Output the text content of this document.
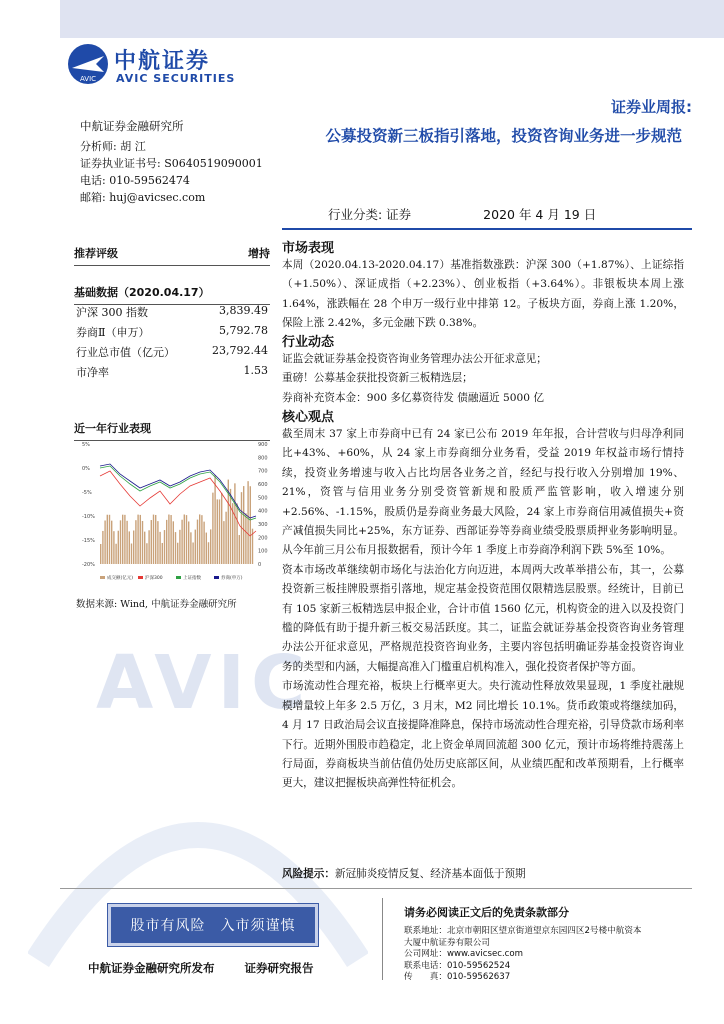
AVIC
AVIC
中航证券
AVIC SECURITIES
中航证券金融研究所
分析师: 胡 江
证券执业证书号: S0640519090001
电话: 010-59562474
邮箱: huj@avicsec.com
证券业周报:
公募投资新三板指引落地，投资咨询业务进一步规范
行业分类: 证券	2020 年 4 月 19 日
推荐评级	增持
基础数据（2020.04.17）
沪深 300 指数	3,839.49
券商Ⅱ（申万）	5,792.78
行业总市值（亿元）	23,792.44
市净率	1.53
近一年行业表现
5%
0%
-5%
-10%
-15%
-20%
900
800
700
600
500
400
300
200
100
0
成交额(亿元)	沪深300	上证指数	券商(申万)
数据来源: Wind, 中航证券金融研究所
市场表现

本周（2020.04.13-2020.04.17）基准指数涨跌：沪深 300（+1.87%）、上证综指（+1.50%）、深证成指（+2.23%）、创业板指（+3.64%）。非银板块本周上涨 1.64%，涨跌幅在 28 个申万一级行业中排第 12。子板块方面，券商上涨 1.20%，保险上涨 2.42%，多元金融下跌 0.38%。

行业动态

证监会就证券基金投资咨询业务管理办法公开征求意见；

重磅！公募基金获批投资新三板精选层；

券商补充资本金：900 多亿募资待发 债融逼近 5000 亿

核心观点

截至周末 37 家上市券商中已有 24 家已公布 2019 年年报，合计营收与归母净利同比+43%、+60%，从 24 家上市券商细分业务看，受益 2019 年权益市场行情持续，投资业务增速与收入占比均居各业务之首，经纪与投行收入分别增加 19%、21%，资管与信用业务分别受资管新规和股质严监管影响，收入增速分别+2.56%、-1.15%，股质仍是券商业务最大风险，24 家上市券商信用减值损失+资产减值损失同比+25%，东方证券、西部证券等券商业绩受股票质押业务影响明显。从今年前三月公布月报数据看，预计今年 1 季度上市券商净利润下跌 5%至 10%。

资本市场改革继续朝市场化与法治化方向迈进，本周两大改革举措公布，其一，公募投资新三板挂牌股票指引落地，规定基金投资范围仅限精选层股票。经统计，目前已有 105 家新三板精选层申报企业，合计市值 1560 亿元，机构资金的进入以及投资门槛的降低有助于提升新三板交易活跃度。其二，证监会就证券基金投资咨询业务管理办法公开征求意见，严格规范投资咨询业务，主要内容包括明确证券基金投资咨询业务的类型和内涵，大幅提高准入门槛重启机构准入，强化投资者保护等方面。

市场流动性合理充裕，板块上行概率更大。央行流动性释放效果显现，1 季度社融规模增量较上年多 2.5 万亿，3 月末，M2 同比增长 10.1%。货币政策或将继续加码，4 月 17 日政治局会议直接提降准降息，保持市场流动性合理充裕，引导贷款市场利率下行。近期外围股市趋稳定，北上资金单周回流超 300 亿元，预计市场将维持震荡上行局面，券商板块当前估值仍处历史底部区间，从业绩匹配和改革预期看，上行概率更大，建议把握板块高弹性特征机会。

风险提示：新冠肺炎疫情反复、经济基本面低于预期
股市有风险　入市须谨慎
请务必阅读正文后的免责条款部分
联系地址：北京市朝阳区望京街道望京东园四区2号楼中航资本
大厦中航证券有限公司
公司网址：www.avicsec.com
联系电话：010-59562524
传　　真：010-59562637
中航证券金融研究所发布	证券研究报告
